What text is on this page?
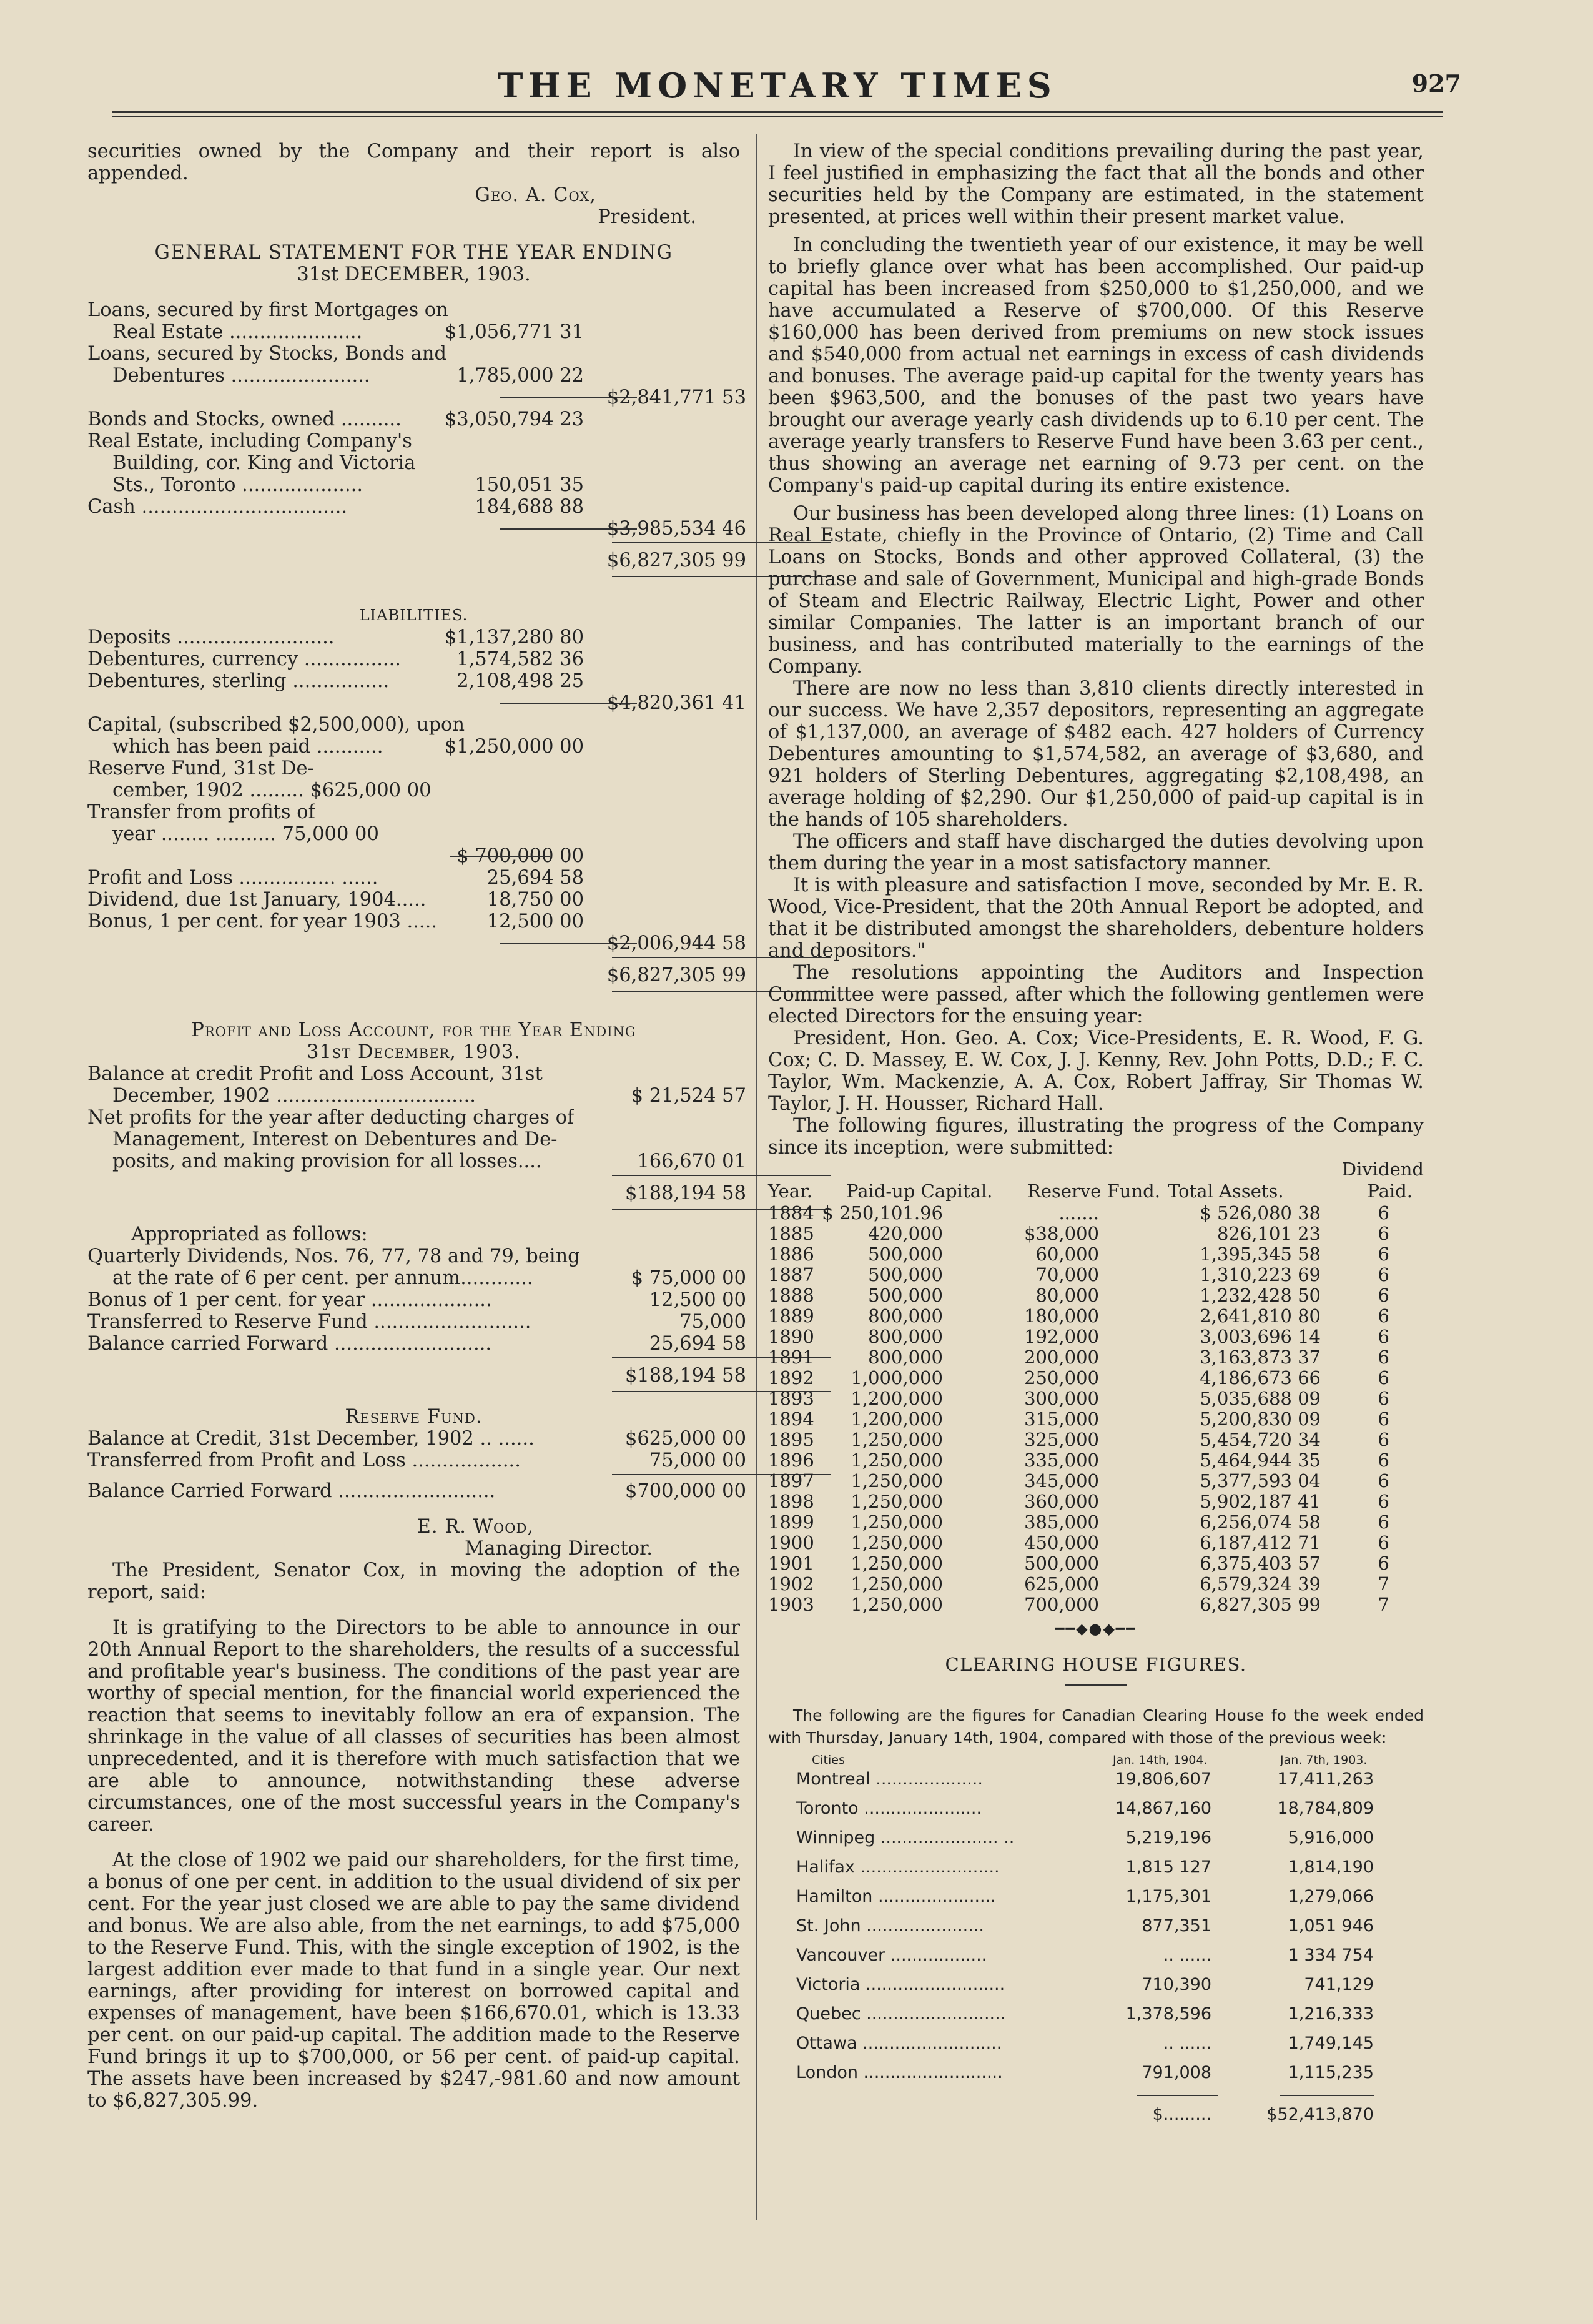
THE MONETARY TIMES	927

securities owned by the Company and their report is also appended.

Geo. A. Cox,
President.
GENERAL STATEMENT FOR THE YEAR ENDING
31st DECEMBER, 1903.
Loans, secured by first Mortgages on
Real Estate ......................	$1,056,771 31
Loans, secured by Stocks, Bonds and
Debentures .......................	1,785,000 22
$2,841,771 53
Bonds and Stocks, owned .......... $3,050,794 23
Real Estate, including Company's
Building, cor. King and Victoria
Sts., Toronto ....................	150,051 35
Cash ..................................	184,688 88
$3,985,534 46
$6,827,305 99
LIABILITIES.
Deposits ..........................	$1,137,280 80
Debentures, currency ................	1,574,582 36
Debentures, sterling ................	2,108,498 25
$4,820,361 41
Capital, (subscribed $2,500,000), upon
which has been paid ...........	$1,250,000 00
Reserve Fund, 31st De-
cember, 1902 ......... $625,000 00
Transfer from profits of
year ........ .......... 75,000 00
$ 700,000 00
Profit and Loss ................ ......	25,694 58
Dividend, due 1st January, 1904.....	18,750 00
Bonus, 1 per cent. for year 1903 .....	12,500 00
$2,006,944 58
$6,827,305 99
Profit and Loss Account, for the Year Ending
31st December, 1903.
Balance at credit Profit and Loss Account, 31st
December, 1902 .................................	$ 21,524 57
Net profits for the year after deducting charges of
Management, Interest on Debentures and De-
posits, and making provision for all losses....	166,670 01
$188,194 58
Appropriated as follows:
Quarterly Dividends, Nos. 76, 77, 78 and 79, being
at the rate of 6 per cent. per annum............	$ 75,000 00
Bonus of 1 per cent. for year ....................	12,500 00
Transferred to Reserve Fund ..........................	75,000
Balance carried Forward ..........................	25,694 58
$188,194 58
Reserve Fund.
Balance at Credit, 31st December, 1902 .. ......	$625,000 00
Transferred from Profit and Loss ..................	75,000 00
Balance Carried Forward ..........................	$700,000 00
E. R. Wood,
Managing Director.

The President, Senator Cox, in moving the adoption of the report, said:

It is gratifying to the Directors to be able to announce in our 20th Annual Report to the shareholders, the results of a successful and profitable year's business. The conditions of the past year are worthy of special mention, for the financial world experienced the reaction that seems to inevitably follow an era of expansion. The shrinkage in the value of all classes of securities has been almost unprecedented, and it is therefore with much satisfaction that we are able to announce, notwithstanding these adverse circumstances, one of the most successful years in the Company's career.

At the close of 1902 we paid our shareholders, for the first time, a bonus of one per cent. in addition to the usual dividend of six per cent. For the year just closed we are able to pay the same dividend and bonus. We are also able, from the net earnings, to add $75,000 to the Reserve Fund. This, with the single exception of 1902, is the largest addition ever made to that fund in a single year. Our next earnings, after providing for interest on borrowed capital and expenses of management, have been $166,670.01, which is 13.33 per cent. on our paid-up capital. The addition made to the Reserve Fund brings it up to $700,000, or 56 per cent. of paid-up capital. The assets have been increased by $247,-981.60 and now amount to $6,827,305.99.

In view of the special conditions prevailing during the past year, I feel justified in emphasizing the fact that all the bonds and other securities held by the Company are estimated, in the statement presented, at prices well within their present market value.

In concluding the twentieth year of our existence, it may be well to briefly glance over what has been accomplished. Our paid-up capital has been increased from $250,000 to $1,250,000, and we have accumulated a Reserve of $700,000. Of this Reserve $160,000 has been derived from premiums on new stock issues and $540,000 from actual net earnings in excess of cash dividends and bonuses. The average paid-up capital for the twenty years has been $963,500, and the bonuses of the past two years have brought our average yearly cash dividends up to 6.10 per cent. The average yearly transfers to Reserve Fund have been 3.63 per cent., thus showing an average net earning of 9.73 per cent. on the Company's paid-up capital during its entire existence.

Our business has been developed along three lines: (1) Loans on Real Estate, chiefly in the Province of Ontario, (2) Time and Call Loans on Stocks, Bonds and other approved Collateral, (3) the purchase and sale of Government, Municipal and high-grade Bonds of Steam and Electric Railway, Electric Light, Power and other similar Companies. The latter is an important branch of our business, and has contributed materially to the earnings of the Company.

There are now no less than 3,810 clients directly interested in our success. We have 2,357 depositors, representing an aggregate of $1,137,000, an average of $482 each. 427 holders of Currency Debentures amounting to $1,574,582, an average of $3,680, and 921 holders of Sterling Debentures, aggregating $2,108,498, an average holding of $2,290. Our $1,250,000 of paid-up capital is in the hands of 105 shareholders.

The officers and staff have discharged the duties devolving upon them during the year in a most satisfactory manner.

It is with pleasure and satisfaction I move, seconded by Mr. E. R. Wood, Vice-President, that the 20th Annual Report be adopted, and that it be distributed amongst the shareholders, debenture holders and depositors."

The resolutions appointing the Auditors and Inspection Committee were passed, after which the following gentlemen were elected Directors for the ensuing year:

President, Hon. Geo. A. Cox; Vice-Presidents, E. R. Wood, F. G. Cox; C. D. Massey, E. W. Cox, J. J. Kenny, Rev. John Potts, D.D.; F. C. Taylor, Wm. Mackenzie, A. A. Cox, Robert Jaffray, Sir Thomas W. Taylor, J. H. Housser, Richard Hall.

The following figures, illustrating the progress of the Company since its inception, were submitted:

Year. Paid-up Capital. Reserve Fund. Total Assets.
Dividend
Paid.
1884 $ 250,101.96	.......	$ 526,080 38	6
1885	420,000	$38,000	826,101 23	6
1886	500,000	60,000	1,395,345 58	6
1887	500,000	70,000	1,310,223 69	6
1888	500,000	80,000	1,232,428 50	6
1889	800,000	180,000	2,641,810 80	6
1890	800,000	192,000	3,003,696 14	6
1891	800,000	200,000	3,163,873 37	6
1892 1,000,000	250,000	4,186,673 66	6
1893 1,200,000	300,000	5,035,688 09	6
1894 1,200,000	315,000	5,200,830 09	6
1895 1,250,000	325,000	5,454,720 34	6
1896 1,250,000	335,000	5,464,944 35	6
1897 1,250,000	345,000	5,377,593 04	6
1898 1,250,000	360,000	5,902,187 41	6
1899 1,250,000	385,000	6,256,074 58	6
1900 1,250,000	450,000	6,187,412 71	6
1901 1,250,000	500,000	6,375,403 57	6
1902 1,250,000	625,000	6,579,324 39	7
1903 1,250,000	700,000	6,827,305 99	7
━━◆●◆━━
CLEARING HOUSE FIGURES.

The following are the figures for Canadian Clearing House fo the week ended with Thursday, January 14th, 1904, compared with those of the previous week:

Cities	Jan. 14th, 1904.	Jan. 7th, 1903.
Montreal ....................	19,806,607	17,411,263
Toronto ......................	14,867,160	18,784,809
Winnipeg ...................... ..	5,219,196	5,916,000
Halifax ..........................	1,815 127	1,814,190
Hamilton ......................	1,175,301	1,279,066
St. John ......................	877,351	1,051 946
Vancouver ..................	.. ......	1 334 754
Victoria ..........................	710,390	741,129
Quebec ..........................	1,378,596	1,216,333
Ottawa ..........................	.. ......	1,749,145
London ..........................	791,008	1,115,235
$.........	$52,413,870
